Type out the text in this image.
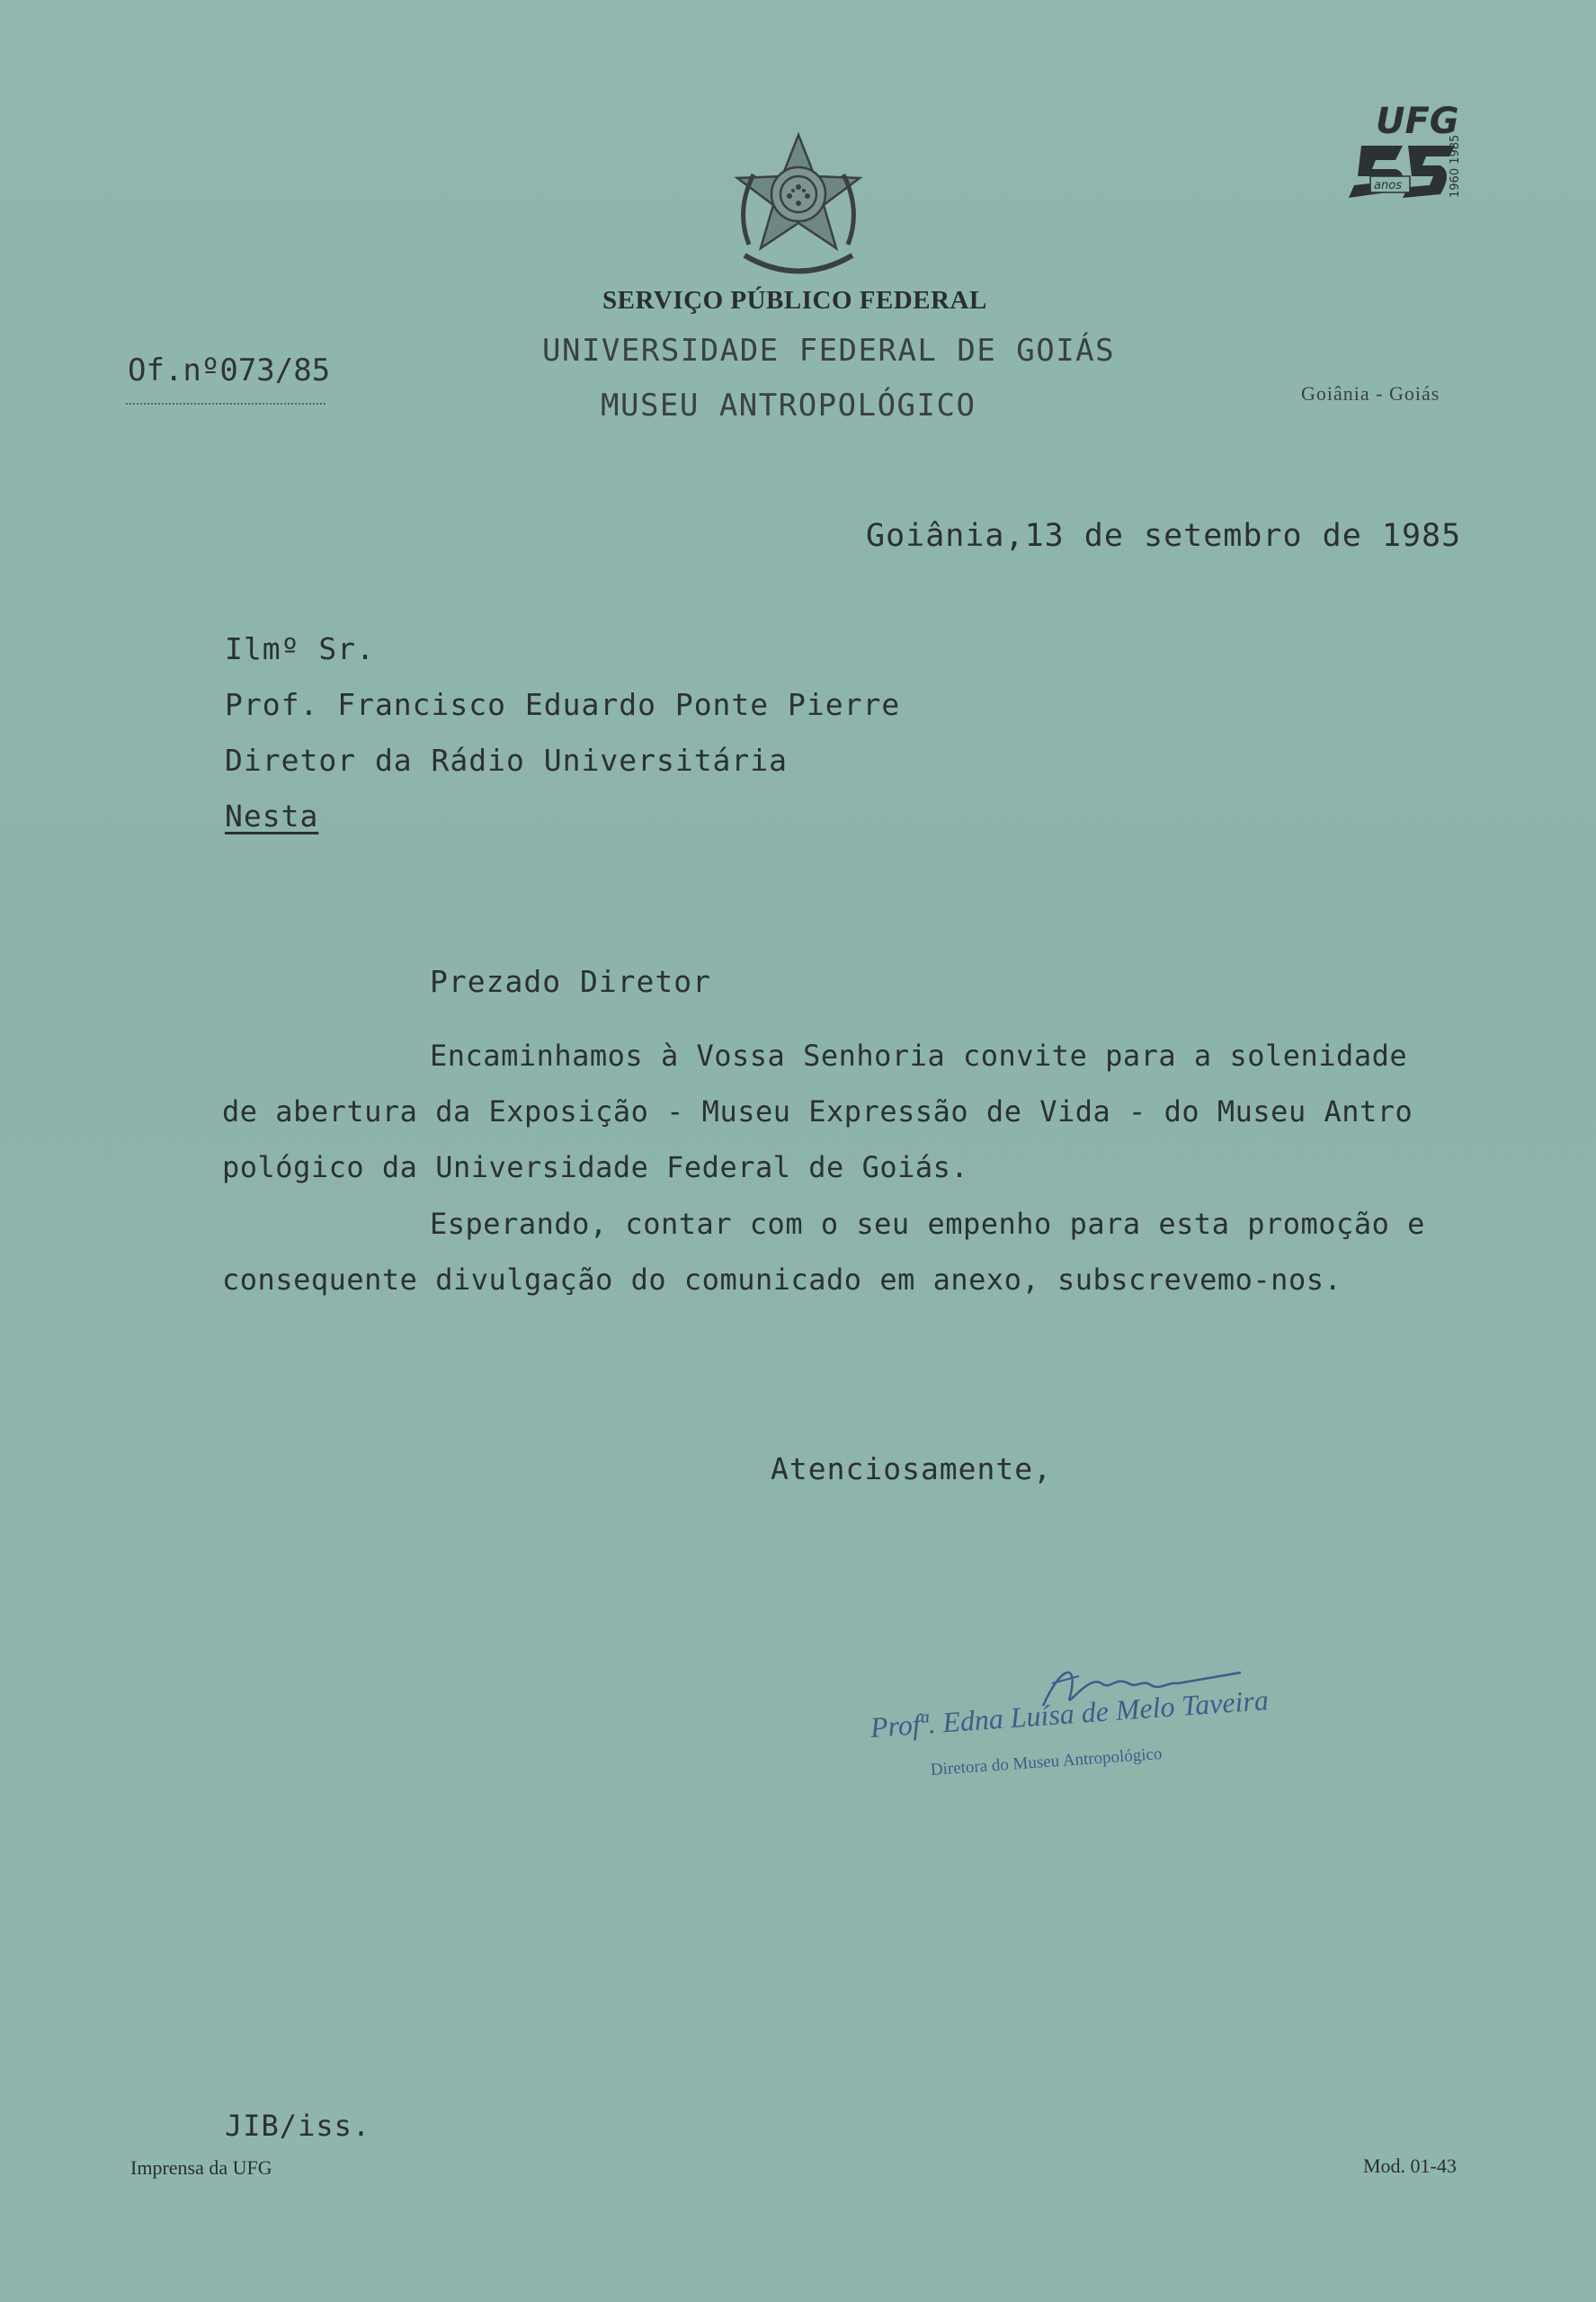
UFG
anos	1960 1985
SERVIÇO PÚBLICO FEDERAL
UNIVERSIDADE FEDERAL DE GOIÁS
MUSEU ANTROPOLÓGICO	Goiânia - Goiás
Of.nº073/85
Goiânia,13 de setembro de 1985
Ilmº Sr.
Prof. Francisco Eduardo Ponte Pierre
Diretor da Rádio Universitária
Nesta
Prezado Diretor
Encaminhamos à Vossa Senhoria convite para a solenidade
de abertura da Exposição - Museu Expressão de Vida - do Museu Antro
pológico da Universidade Federal de Goiás.
Esperando, contar com o seu empenho para esta promoção e
consequente divulgação do comunicado em anexo, subscrevemo-nos.
Atenciosamente,
Profª. Edna Luísa de Melo Taveira
Diretora do Museu Antropológico
JIB/iss.
Imprensa da UFG	Mod. 01-43
